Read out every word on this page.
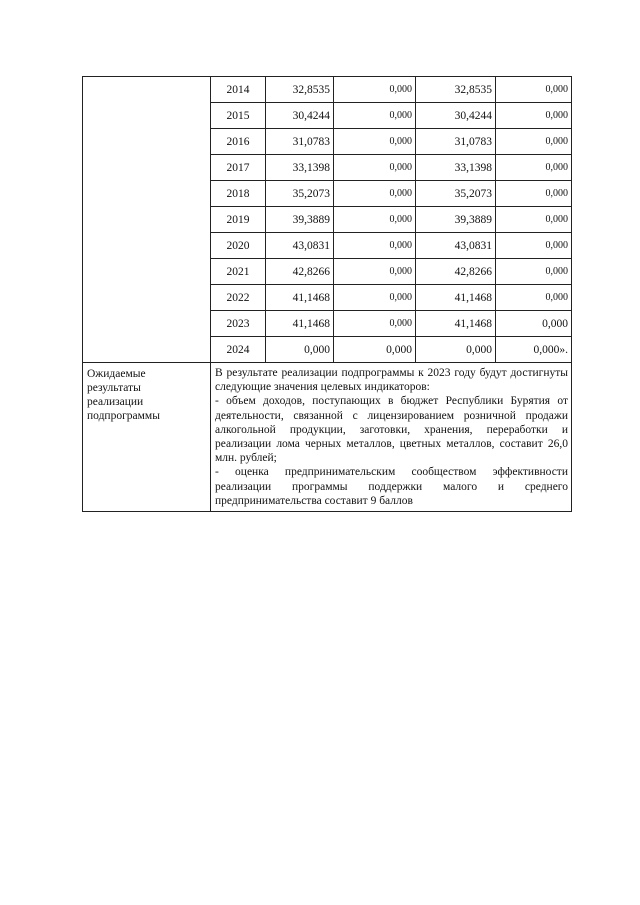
	2014	32,8535	0,000	32,8535	0,000
	2015	30,4244	0,000	30,4244	0,000
	2016	31,0783	0,000	31,0783	0,000
	2017	33,1398	0,000	33,1398	0,000
	2018	35,2073	0,000	35,2073	0,000
	2019	39,3889	0,000	39,3889	0,000
	2020	43,0831	0,000	43,0831	0,000
	2021	42,8266	0,000	42,8266	0,000
	2022	41,1468	0,000	41,1468	0,000
	2023	41,1468	0,000	41,1468	0,000
	2024	0,000	0,000	0,000	0,000».

Ожидаемые результаты реализации подпрограммы	В результате реализации подпрограммы к 2023 году будут достигнуты следующие значения целевых индикаторов:
- объем доходов, поступающих в бюджет Республики Бурятия от деятельности, связанной с лицензированием розничной продажи алкогольной продукции, заготовки, хранения, переработки и реализации лома черных металлов, цветных металлов, составит 26,0 млн. рублей;
- оценка предпринимательским сообществом эффективности реализации программы поддержки малого и среднего предпринимательства составит 9 баллов				
